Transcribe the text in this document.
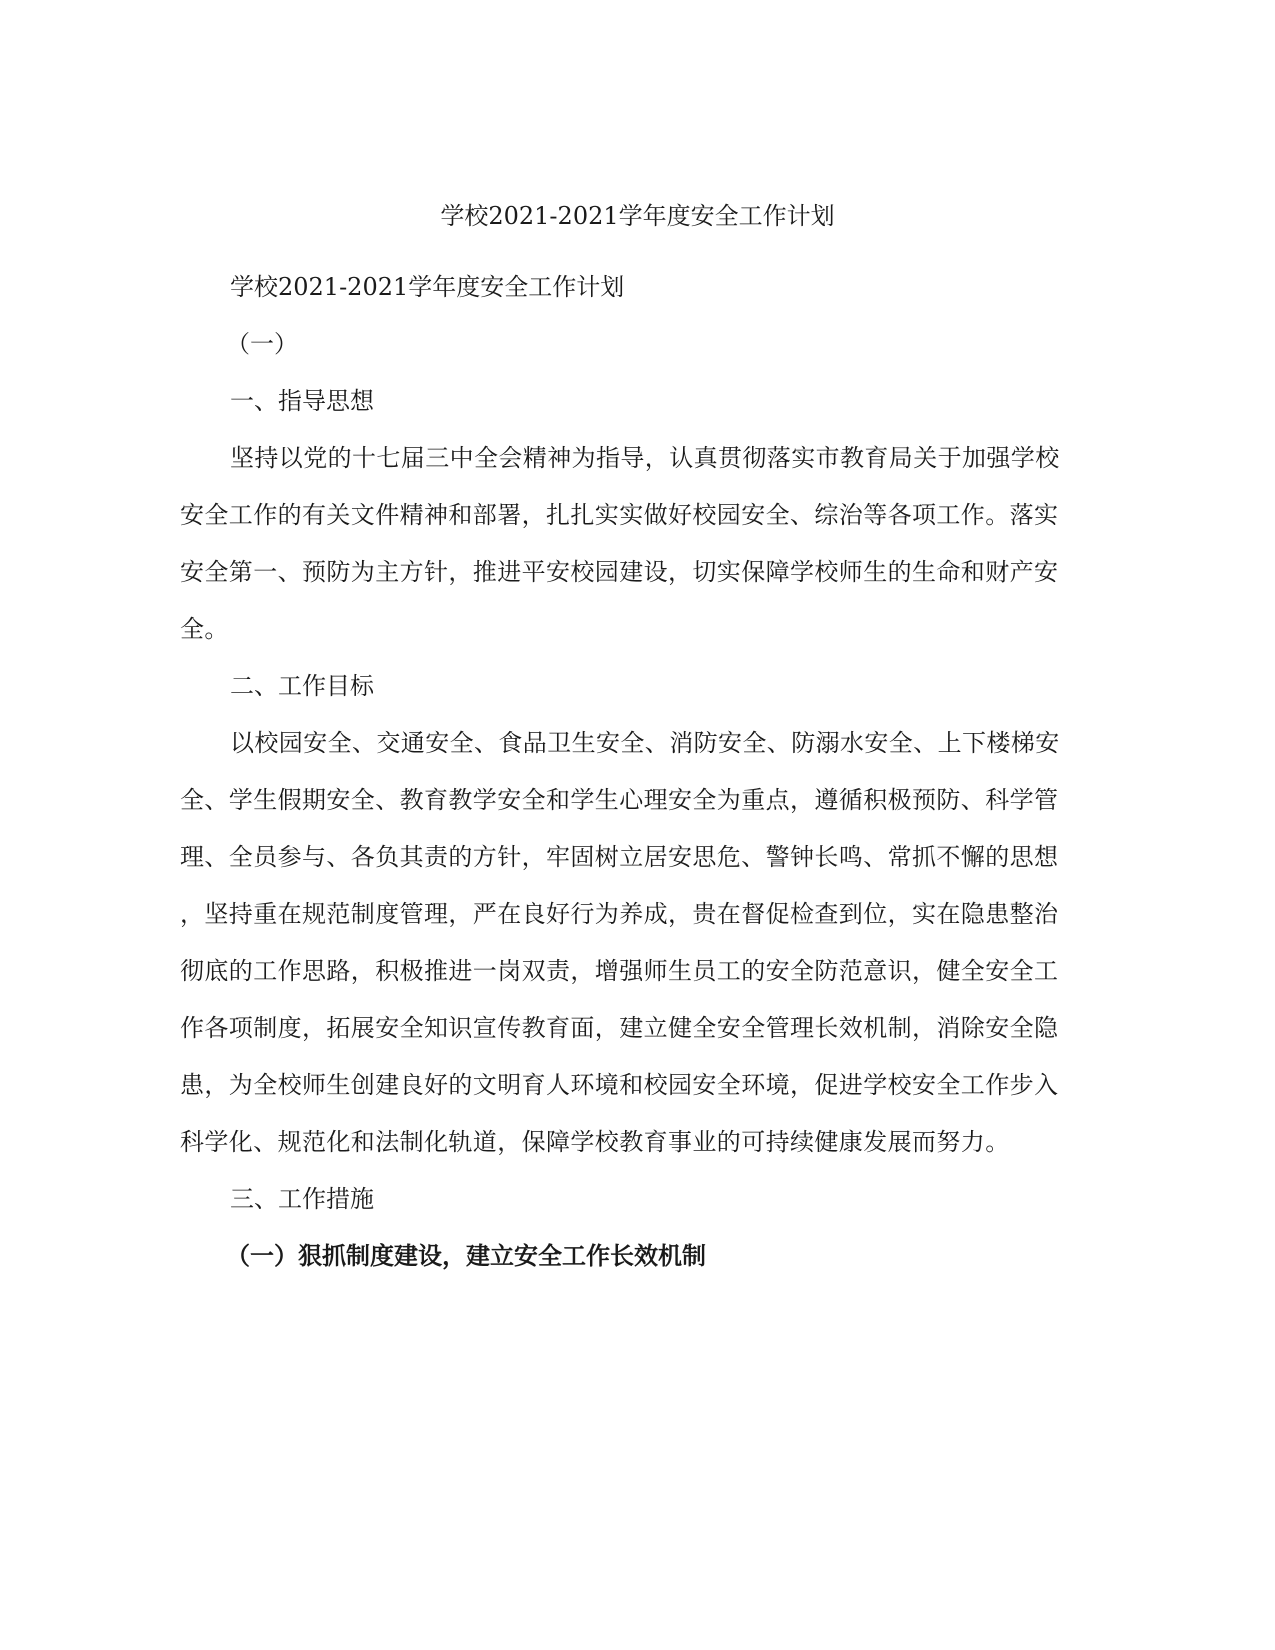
学校2021-2021学年度安全工作计划

学校2021-2021学年度安全工作计划

（一）

一、指导思想

坚持以党的十七届三中全会精神为指导，认真贯彻落实市教育局关于加强学校
安全工作的有关文件精神和部署，扎扎实实做好校园安全、综治等各项工作。落实
安全第一、预防为主方针，推进平安校园建设，切实保障学校师生的生命和财产安
全。

二、工作目标

以校园安全、交通安全、食品卫生安全、消防安全、防溺水安全、上下楼梯安
全、学生假期安全、教育教学安全和学生心理安全为重点，遵循积极预防、科学管
理、全员参与、各负其责的方针，牢固树立居安思危、警钟长鸣、常抓不懈的思想
，坚持重在规范制度管理，严在良好行为养成，贵在督促检查到位，实在隐患整治
彻底的工作思路，积极推进一岗双责，增强师生员工的安全防范意识，健全安全工
作各项制度，拓展安全知识宣传教育面，建立健全安全管理长效机制，消除安全隐
患，为全校师生创建良好的文明育人环境和校园安全环境，促进学校安全工作步入
科学化、规范化和法制化轨道，保障学校教育事业的可持续健康发展而努力。

三、工作措施

（一）狠抓制度建设，建立安全工作长效机制
